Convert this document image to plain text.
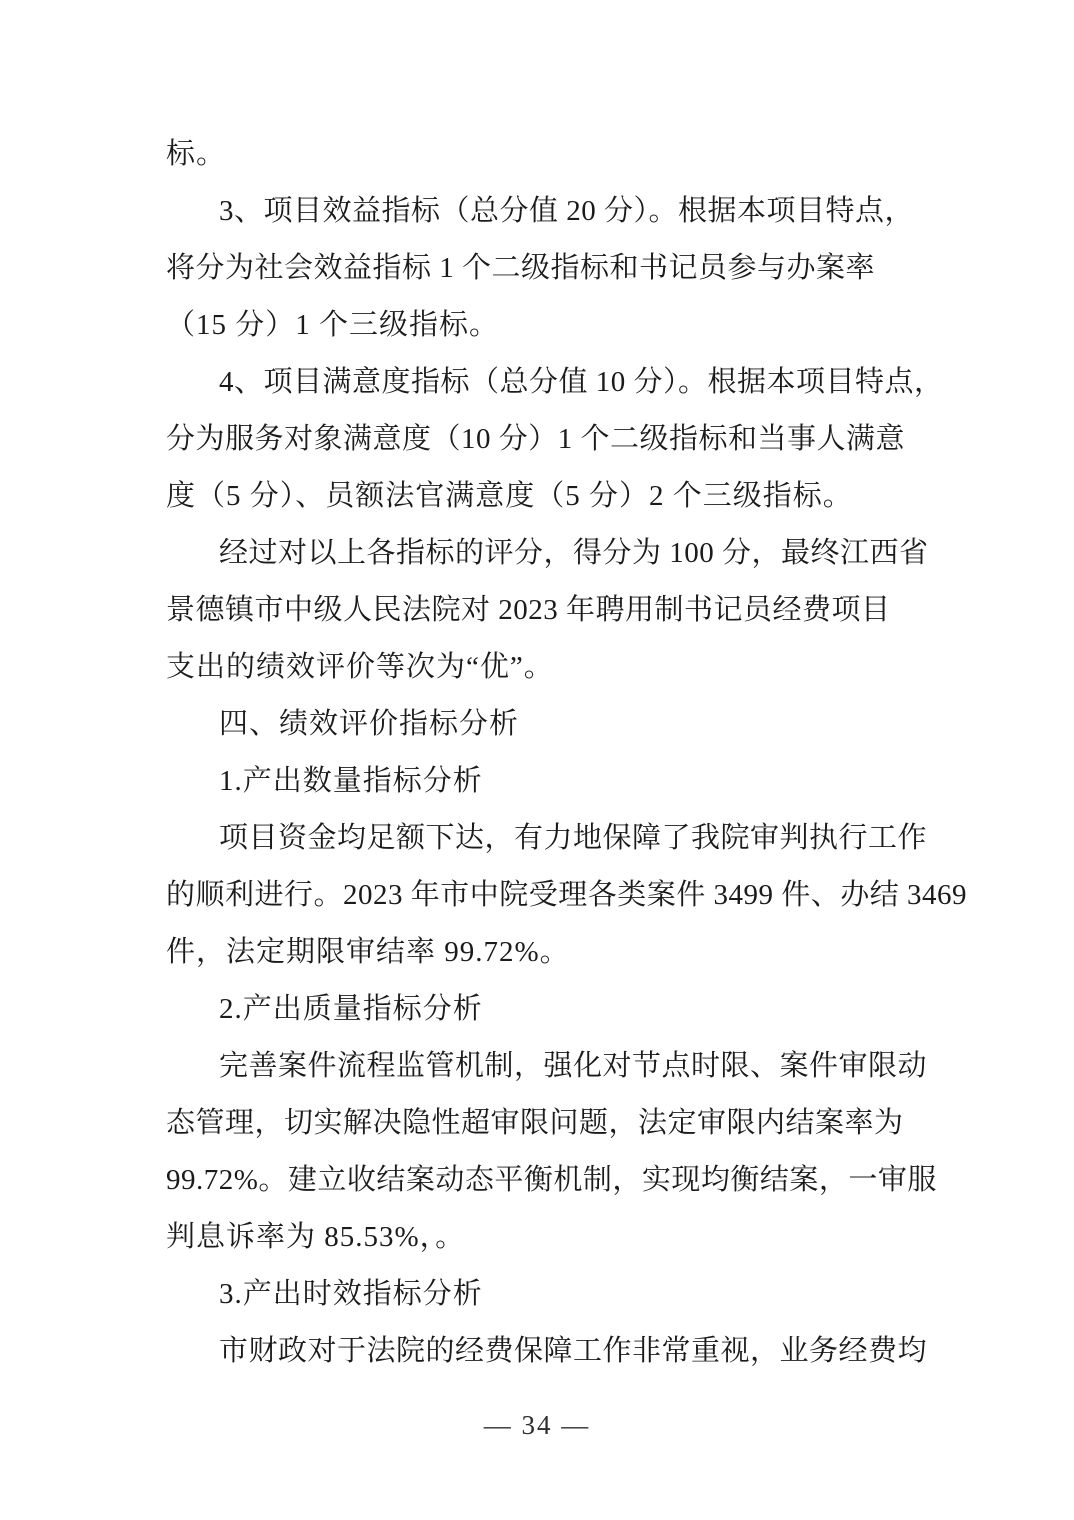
标。
3、项目效益指标（总分值 20 分）。根据本项目特点，
将分为社会效益指标 1 个二级指标和书记员参与办案率
（15 分）1 个三级指标。
4、项目满意度指标（总分值 10 分）。根据本项目特点，
分为服务对象满意度（10 分）1 个二级指标和当事人满意
度（5 分）、员额法官满意度（5 分）2 个三级指标。
经过对以上各指标的评分，得分为 100 分，最终江西省
景德镇市中级人民法院对 2023 年聘用制书记员经费项目
支出的绩效评价等次为“优”。
四、绩效评价指标分析
1.产出数量指标分析
项目资金均足额下达，有力地保障了我院审判执行工作
的顺利进行。2023 年市中院受理各类案件 3499 件、办结 3469
件，法定期限审结率 99.72%。
2.产出质量指标分析
完善案件流程监管机制，强化对节点时限、案件审限动
态管理，切实解决隐性超审限问题，法定审限内结案率为
99.72%。建立收结案动态平衡机制，实现均衡结案，一审服
判息诉率为 85.53%，。
3.产出时效指标分析
市财政对于法院的经费保障工作非常重视，业务经费均
— 34 —
